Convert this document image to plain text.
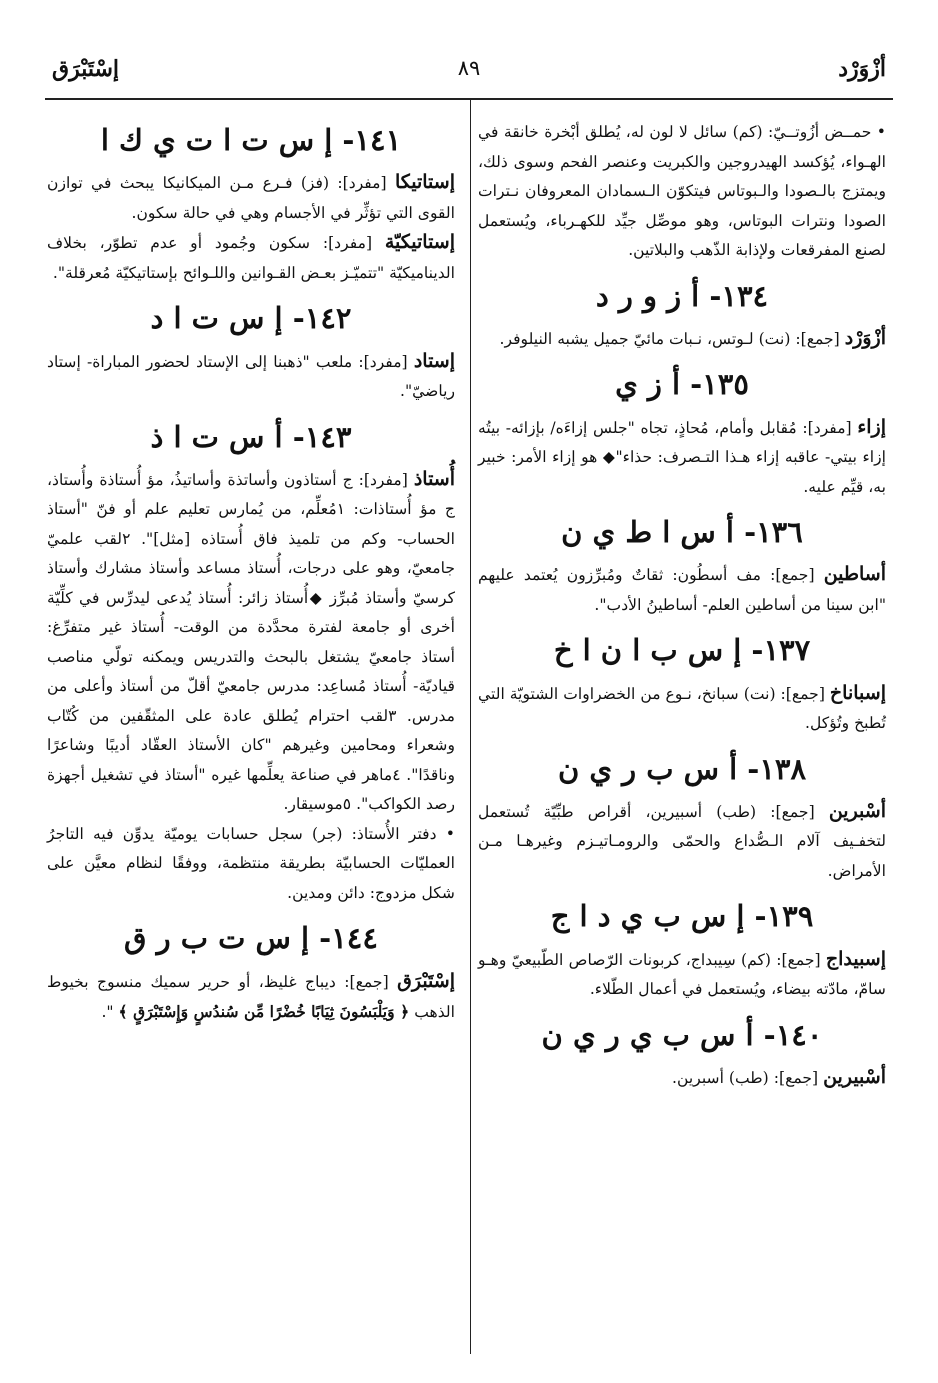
أزْوَرْد
٨٩
إسْتَبْرَق

• حمــض أزُوتــيّ: (كم) سائل لا لون له، يُطلق أبْخرة خانقة في الهـواء، يُؤكسد الهيدروجين والكبريت وعنصر الفحم وسوى ذلك، ويمتزج بالـصودا والـبوتاس فيتكوّن الـسمادان المعروفان نـترات الصودا ونترات البوتاس، وهو موصِّل جيِّد للكهـرباء، ويُستعمل لصنع المفرقعات ولإذابة الذّهب والبلاتين.

١٣٤- أ ز و ر د

أزْوَرْد [جمع]: (نت) لـوتس، نـبات مائيّ جميل يشبه النيلوفر.

١٣٥- أ ز ي

إزاء [مفرد]: مُقابل وأمام، مُحاذٍ، تجاه "جلس إزاءَه/ بإزائه- بيتُه إزاء بيتي- عاقبه إزاء هـذا التـصرف: حذاء"◆ هو إزاء الأمر: خبير به، قيِّم عليه.

١٣٦- أ س ا ط ي ن

أساطين [جمع]: مف أسطُون: ثقاتٌ ومُبرِّزون يُعتمد عليهم "ابن سينا من أساطين العلم- أساطينُ الأدب".

١٣٧- إ س ب ا ن ا خ

إسباناخ [جمع]: (نت) سبانخ، نـوع من الخضراوات الشتويّة التي تُطبخ وتُؤكل.

١٣٨- أ س ب ر ي ن

أسْبرين [جمع]: (طب) أسبيرين، أقراص طبِّيّة تُستعمل لتخفـيف آلام الـصُّداع والحمّى والرومـاتيـزم وغيرهـا مـن الأمراض.

١٣٩- إ س ب ي د ا ج

إسبيداج [جمع]: (كم) سِيبداج، كربونات الرّصاص الطّبيعيّ وهـو سامّ، مادّته بيضاء، ويُستعمل في أعمال الطّلاء.

١٤٠- أ س ب ي ر ي ن

أسْبيرين [جمع]: (طب) أسبرين.

١٤١- إ س ت ا ت ي ك ا

إستاتيكا [مفرد]: (فز) فـرع مـن الميكانيكا يبحث في توازن القوى التي تؤثِّر في الأجسام وهي في حالة سكون.

إستاتيكيّة [مفرد]: سكون وجُمود أو عدم تطوّر، بخلاف الديناميكيّة "تتميّـز بعـض القـوانين واللـوائح بإستاتيكيّة مُعرقلة".

١٤٢- إ س ت ا د

إستاد [مفرد]: ملعب "ذهبنا إلى الإستاد لحضور المباراة- إستاد رياضيّ".

١٤٣- أ س ت ا ذ

أُستاذ [مفرد]: ج أستاذون وأساتذة وأساتيذُ، مؤ أُستاذة وأُستاذ، ج مؤ أُستاذات: ١مُعلِّم، من يُمارس تعليم علم أو فنّ "أستاذ الحساب- وكم من تلميذ فاق أُستاذه [مثل]". ٢لقب علميّ جامعيّ، وهو على درجات، أُستاذ مساعد وأستاذ مشارك وأستاذ كرسيّ وأستاذ مُبرِّز ◆أُستاذ زائر: أُستاذ يُدعى ليدرِّس في كلِّيّة أخرى أو جامعة لفترة محدَّدة من الوقت- أُستاذ غير متفرِّغ: أستاذ جامعيّ يشتغل بالبحث والتدريس ويمكنه تولّي مناصب قياديّة- أُستاذ مُساعِد: مدرس جامعيّ أقلّ من أستاذ وأعلى من مدرس. ٣لقب احترام يُطلق عادة على المثقّفين من كُتّاب وشعراء ومحامين وغيرهم "كان الأستاذ العقّاد أديبًا وشاعرًا وناقدًا". ٤ماهر في صناعة يعلِّمها غيره "أستاذ في تشغيل أجهزة رصد الكواكب". ٥موسيقار.

• دفتر الأُستاذ: (جر) سجل حسابات يوميّة يدوِّن فيه التاجرُ العمليّات الحسابيّة بطريقة منتظمة، ووفقًا لنظام معيَّن على شكل مزدوج: دائن ومدين.

١٤٤- إ س ت ب ر ق

إسْتَبْرَق [جمع]: ديباج غليظ، أو حرير سميك منسوج بخيوط الذهب ﴿ وَيَلْبَسُونَ ثِيَابًا خُضْرًا مِّن سُندُسٍ وَإِسْتَبْرَقٍ ﴾ ".
